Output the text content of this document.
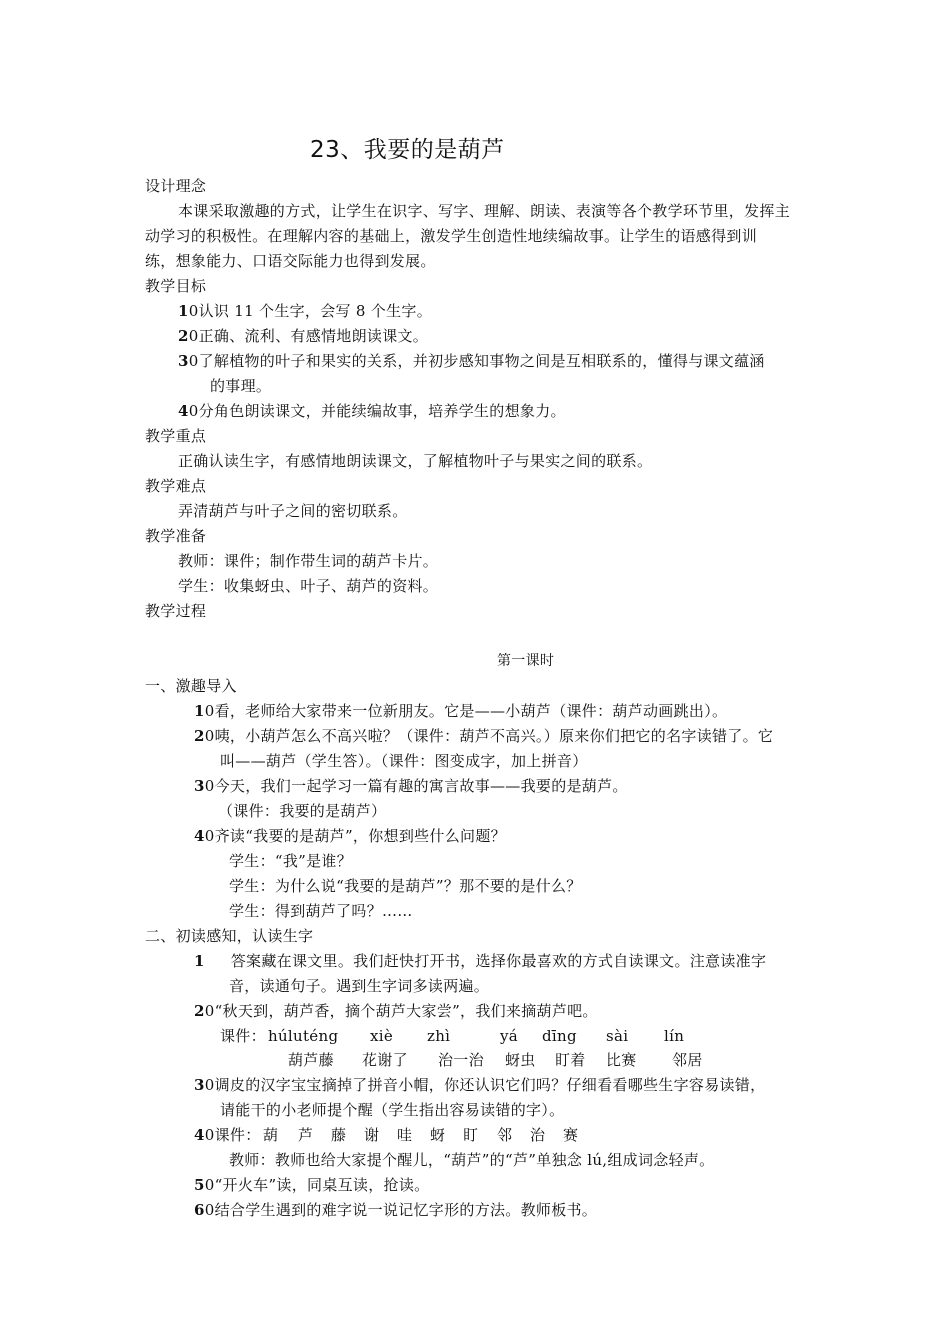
23、我要的是葫芦
设计理念
本课采取激趣的方式，让学生在识字、写字、理解、朗读、表演等各个教学环节里，发挥主
动学习的积极性。在理解内容的基础上，激发学生创造性地续编故事。让学生的语感得到训
练，想象能力、口语交际能力也得到发展。
教学目标
10认识 11 个生字，会写 8 个生字。
20正确、流利、有感情地朗读课文。
30了解植物的叶子和果实的关系，并初步感知事物之间是互相联系的，懂得与课文蕴涵
的事理。
40分角色朗读课文，并能续编故事，培养学生的想象力。
教学重点
正确认读生字，有感情地朗读课文，了解植物叶子与果实之间的联系。
教学难点
弄清葫芦与叶子之间的密切联系。
教学准备
教师：课件；制作带生词的葫芦卡片。
学生：收集蚜虫、叶子、葫芦的资料。
教学过程
第一课时
一、激趣导入
10看，老师给大家带来一位新朋友。它是——小葫芦（课件：葫芦动画跳出）。
20咦，小葫芦怎么不高兴啦？（课件：葫芦不高兴。）原来你们把它的名字读错了。它
叫——葫芦（学生答）。（课件：图变成字，加上拼音）
30今天，我们一起学习一篇有趣的寓言故事——我要的是葫芦。
（课件：我要的是葫芦）
40齐读“我要的是葫芦”，你想到些什么问题？
学生：“我”是谁？
学生：为什么说“我要的是葫芦”？那不要的是什么？
学生：得到葫芦了吗？……
二、初读感知，认读生字
1 答案藏在课文里。我们赶快打开书，选择你最喜欢的方式自读课文。注意读准字
音，读通句子。遇到生字词多读两遍。
20“秋天到，葫芦香，摘个葫芦大家尝”，我们来摘葫芦吧。
课件： húluténg xiè zhì	yá dīng sài lín
葫芦藤 花谢了 治一治 蚜虫 盯着 比赛 邻居
30调皮的汉字宝宝摘掉了拼音小帽，你还认识它们吗？仔细看看哪些生字容易读错，
请能干的小老师提个醒（学生指出容易读错的字）。
40课件： 葫 芦 藤 谢 哇 蚜 盯 邻 治 赛
教师：教师也给大家提个醒儿，“葫芦”的“芦”单独念 lú,组成词念轻声。
50“开火车”读，同桌互读，抢读。
60结合学生遇到的难字说一说记忆字形的方法。教师板书。
